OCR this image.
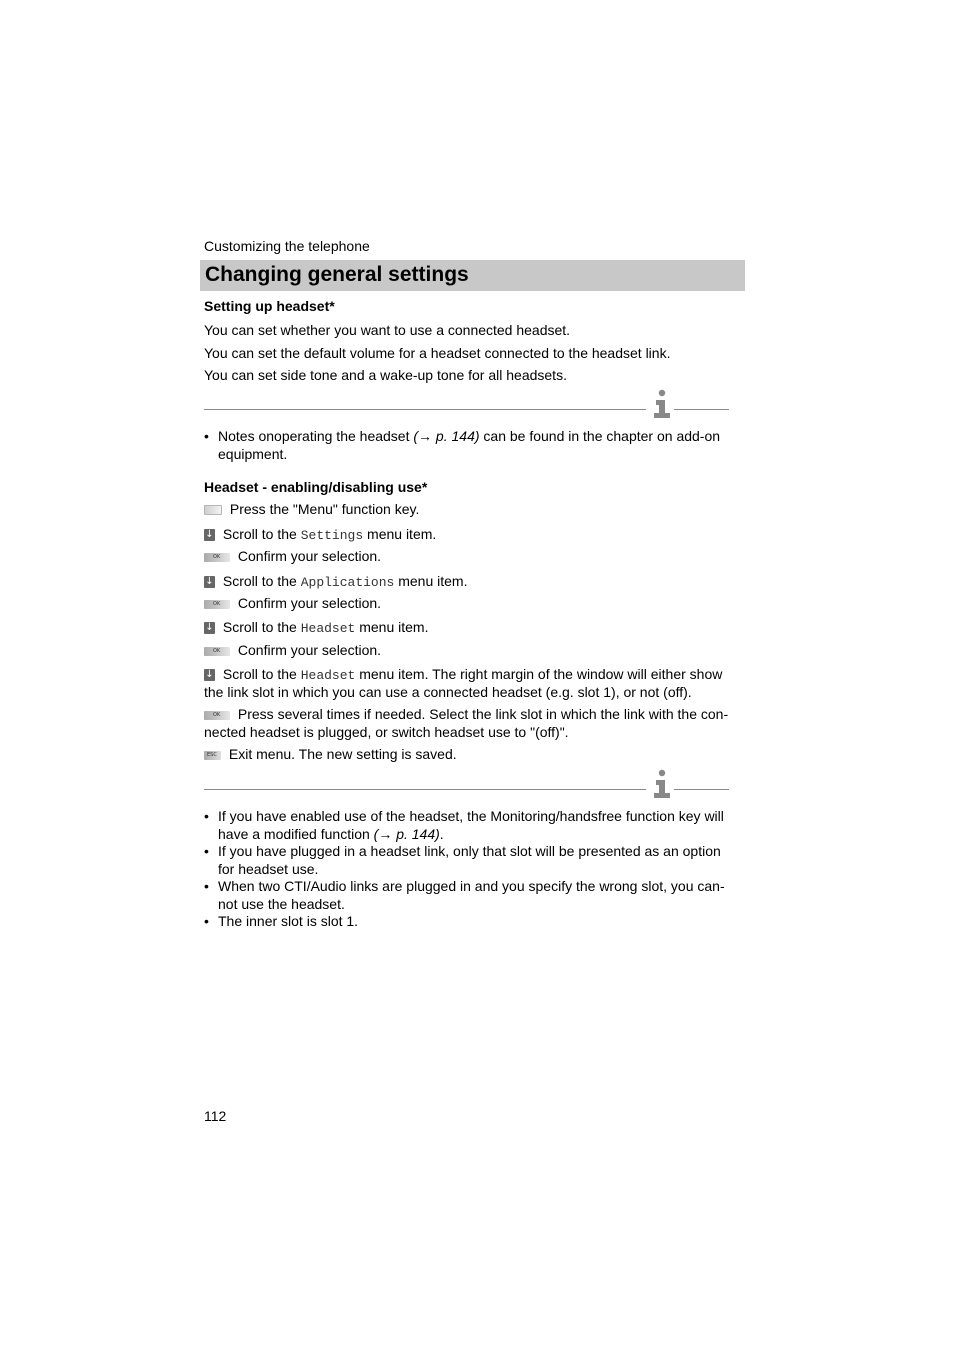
Customizing the telephone
Changing general settings
Setting up headset*
You can set whether you want to use a connected headset.
You can set the default volume for a headset connected to the headset link.
You can set side tone and a wake-up tone for all headsets.
• Notes onoperating the headset (→ p. 144) can be found in the chapter on add-on equipment.
Headset - enabling/disabling use*
Press the "Menu" function key.
↓ Scroll to the Settings menu item.
OK Confirm your selection.
↓ Scroll to the Applications menu item.
OK Confirm your selection.
↓ Scroll to the Headset menu item.
OK Confirm your selection.
↓ Scroll to the Headset menu item. The right margin of the window will either show
the link slot in which you can use a connected headset (e.g. slot 1), or not (off).
OK Press several times if needed. Select the link slot in which the link with the con-
nected headset is plugged, or switch headset use to "(off)".
ESC Exit menu. The new setting is saved.
• If you have enabled use of the headset, the Monitoring/handsfree function key will
have a modified function (→ p. 144).
• If you have plugged in a headset link, only that slot will be presented as an option
for headset use.
• When two CTI/Audio links are plugged in and you specify the wrong slot, you can-
not use the headset.
• The inner slot is slot 1.
112
